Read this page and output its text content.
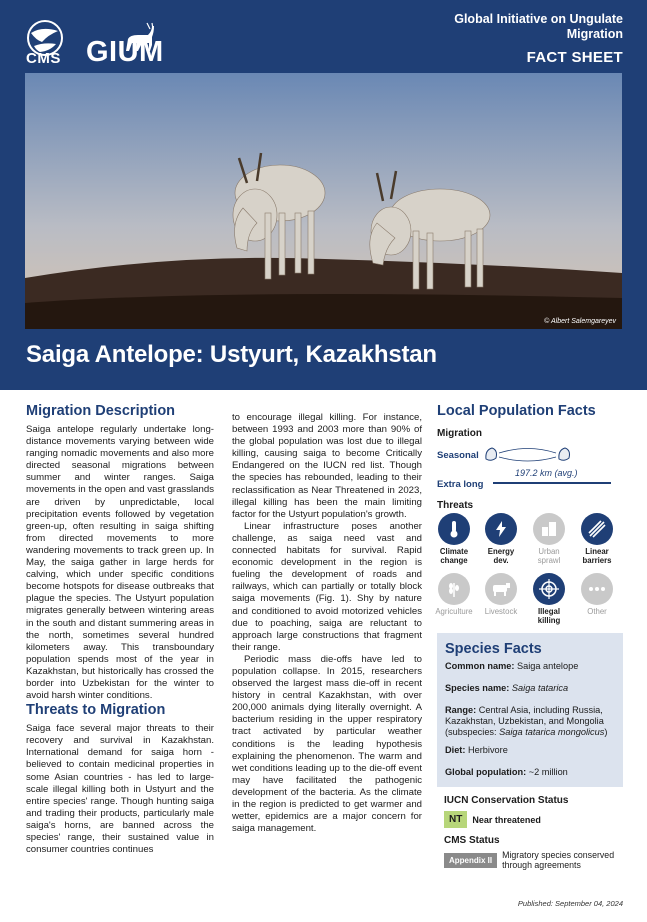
CMS GIUM
Global Initiative on Ungulate Migration
FACT SHEET
© Albert Salemgareyev
Saiga Antelope: Ustyurt, Kazakhstan
Migration Description

Saiga antelope regularly undertake long-distance movements varying between wide ranging nomadic movements and also more directed seasonal migrations between summer and winter ranges. Saiga movements in the open and vast grasslands are driven by unpredictable, local precipitation events followed by vegetation green-up, often resulting in saiga shifting from directed movements to more wandering movements to track green up. In May, the saiga gather in large herds for calving, which under specific conditions become hotspots for disease outbreaks that plague the species. The Ustyurt population migrates generally between wintering areas in the south and distant summering areas in the north, sometimes several hundred kilometers away. This transboundary population spends most of the year in Kazakhstan, but historically has crossed the border into Uzbekistan for the winter to avoid harsh winter conditions.

Threats to Migration

Saiga face several major threats to their recovery and survival in Kazakhstan. International demand for saiga horn - believed to contain medicinal properties in some Asian countries - has led to large-scale illegal killing both in Ustyurt and the entire species' range. Though hunting saiga and trading their products, particularly male saiga's horns, are banned across the species' range, their sustained value in consumer countries continues

to encourage illegal killing. For instance, between 1993 and 2003 more than 90% of the global population was lost due to illegal killing, causing saiga to become Critically Endangered on the IUCN red list. Though the species has rebounded, leading to their reclassification as Near Threatened in 2023, illegal killing has been the main limiting factor for the Ustyurt population's growth.

Linear infrastructure poses another challenge, as saiga need vast and connected habitats for survival. Rapid economic development in the region is fueling the development of roads and railways, which can partially or totally block saiga movements (Fig. 1). Shy by nature and conditioned to avoid motorized vehicles due to poaching, saiga are reluctant to approach large constructions that fragment their range.

Periodic mass die-offs have led to population collapse. In 2015, researchers observed the largest mass die-off in recent history in central Kazakhstan, with over 200,000 animals dying literally overnight. A bacterium residing in the upper respiratory tract activated by particular weather conditions is the leading hypothesis explaining the phenomenon. The warm and wet conditions leading up to the die-off event may have facilitated the pathogenic development of the bacteria. As the climate in the region is predicted to get warmer and wetter, epidemics are a major concern for saiga management.

Local Population Facts
Migration
Seasonal
Extra long
197.2 km (avg.)
Threats
Climate change
Energy dev.
Urban sprawl
Linear barriers
Agriculture	Livestock	Illegal killing
Other
Species Facts
Common name: Saiga antelope
Species name: Saiga tatarica
Range: Central Asia, including Russia, Kazakhstan, Uzbekistan, and Mongolia (subspecies: Saiga tatarica mongolicus)
Diet: Herbivore
Global population: ~2 million
IUCN Conservation Status
NT	Near threatened
CMS Status
Appendix II	Migratory species conserved through agreements
Published: September 04, 2024
